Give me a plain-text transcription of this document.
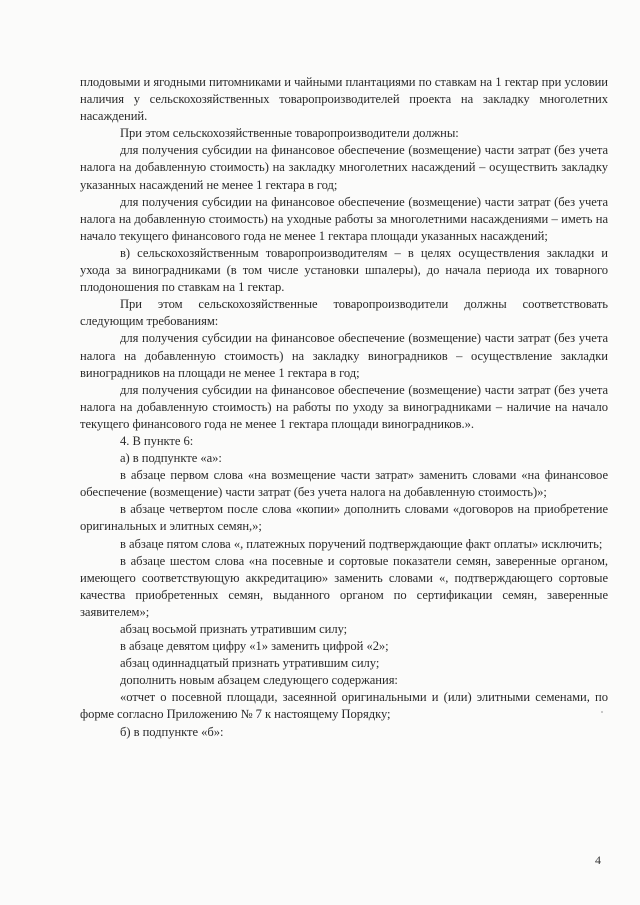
плодовыми и ягодными питомниками и чайными плантациями по ставкам на 1 гектар при условии наличия у сельскохозяйственных товаропроизводителей проекта на закладку многолетних насаждений.

При этом сельскохозяйственные товаропроизводители должны:

для получения субсидии на финансовое обеспечение (возмещение) части затрат (без учета налога на добавленную стоимость) на закладку многолетних насаждений – осуществить закладку указанных насаждений не менее 1 гектара в год;

для получения субсидии на финансовое обеспечение (возмещение) части затрат (без учета налога на добавленную стоимость) на уходные работы за многолетними насаждениями – иметь на начало текущего финансового года не менее 1 гектара площади указанных насаждений;

в) сельскохозяйственным товаропроизводителям – в целях осуществления закладки и ухода за виноградниками (в том числе установки шпалеры), до начала периода их товарного плодоношения по ставкам на 1 гектар.

При этом сельскохозяйственные товаропроизводители должны соответствовать следующим требованиям:

для получения субсидии на финансовое обеспечение (возмещение) части затрат (без учета налога на добавленную стоимость) на закладку виноградников – осуществление закладки виноградников на площади не менее 1 гектара в год;

для получения субсидии на финансовое обеспечение (возмещение) части затрат (без учета налога на добавленную стоимость) на работы по уходу за виноградниками – наличие на начало текущего финансового года не менее 1 гектара площади виноградников.».

4. В пункте 6:

а) в подпункте «а»:

в абзаце первом слова «на возмещение части затрат» заменить словами «на финансовое обеспечение (возмещение) части затрат (без учета налога на добавленную стоимость)»;

в абзаце четвертом после слова «копии» дополнить словами «договоров на приобретение оригинальных и элитных семян,»;

в абзаце пятом слова «, платежных поручений подтверждающие факт оплаты» исключить;

в абзаце шестом слова «на посевные и сортовые показатели семян, заверенные органом, имеющего соответствующую аккредитацию» заменить словами «, подтверждающего сортовые качества приобретенных семян, выданного органом по сертификации семян, заверенные заявителем»;

абзац восьмой признать утратившим силу;

в абзаце девятом цифру «1» заменить цифрой «2»;

абзац одиннадцатый признать утратившим силу;

дополнить новым абзацем следующего содержания:

«отчет о посевной площади, засеянной оригинальными и (или) элитными семенами, по форме согласно Приложению № 7 к настоящему Порядку;

б) в подпункте «б»:

4
